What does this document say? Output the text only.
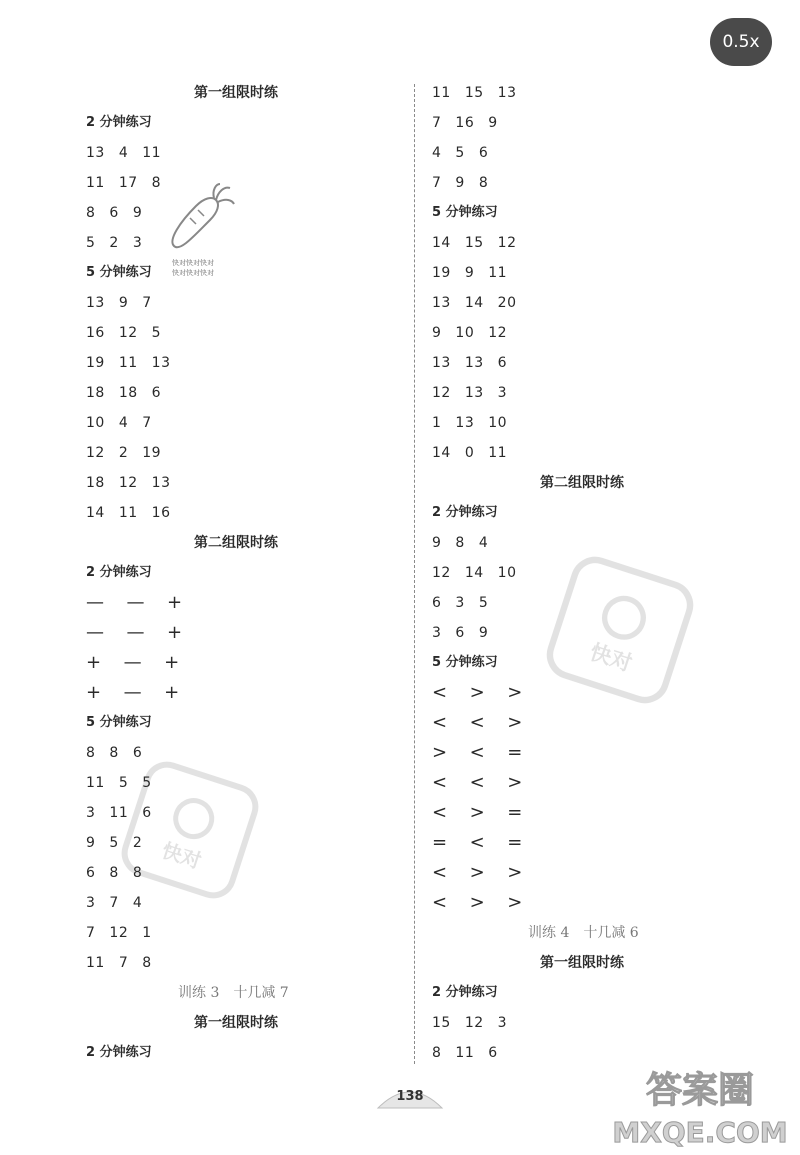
0.5x
快对快对快对
快对快对快对
快对
快对
第一组限时练
2 分钟练习
13 4 11
11 17 8
8 6 9
5 2 3
5 分钟练习
13 9 7
16 12 5
19 11 13
18 18 6
10 4 7
12 2 19
18 12 13
14 11 16
第二组限时练
2 分钟练习
— — +
— — +
+ — +
+ — +
5 分钟练习
8 8 6
11 5 5
3 11 6
9 5 2
6 8 8
3 7 4
7 12 1
11 7 8
训练 3 十几减 7
第一组限时练
2 分钟练习
11 15 13
7 16 9
4 5 6
7 9 8
5 分钟练习
14 15 12
19 9 11
13 14 20
9 10 12
13 13 6
12 13 3
1 13 10
14 0 11
第二组限时练
2 分钟练习
9 8 4
12 14 10
6 3 5
3 6 9
5 分钟练习
< > >
< < >
> < =
< < >
< > =
= < =
< > >
< > >
训练 4 十几减 6
第一组限时练
2 分钟练习
15 12 3
8 11 6
138	答案圈
MXQE.COM
